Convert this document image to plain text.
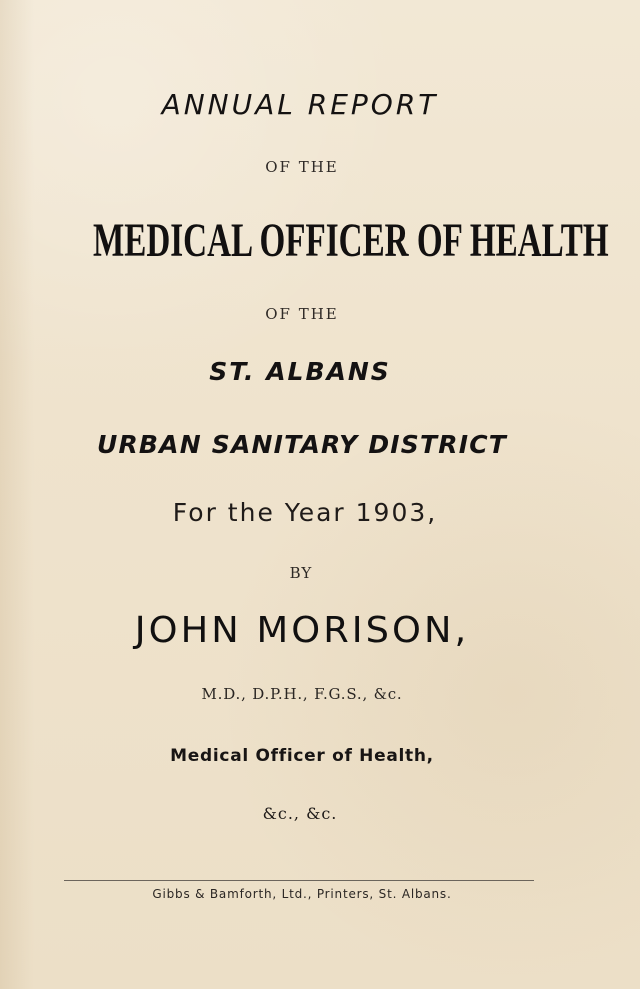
ANNUAL REPORT
OF THE
MEDICAL OFFICER OF HEALTH
OF THE
ST. ALBANS
URBAN SANITARY DISTRICT
For the Year 1903,
BY
JOHN MORISON,
M.D., D.P.H., F.G.S., &c.
Medical Officer of Health,
&c., &c.
Gibbs & Bamforth, Ltd., Printers, St. Albans.
